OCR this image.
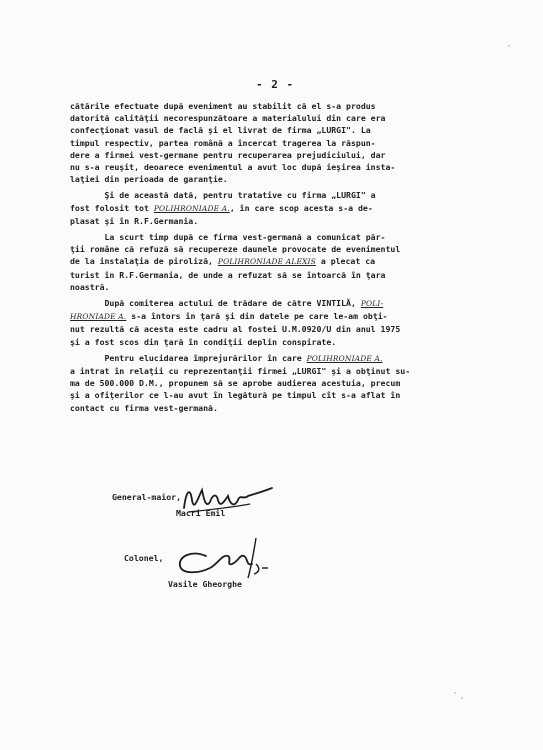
- 2 -
cătările efectuate după eveniment au stabilit că el s-a produs
datorită calităţii necorespunzătoare a materialului din care era
confecţionat vasul de faclă şi el livrat de firma „LURGI". La
timpul respectiv, partea română a încercat tragerea la răspun-
dere a firmei vest-germane pentru recuperarea prejudiciului, dar
nu s-a reuşit, deoarece evenimentul a avut loc după ieşirea insta-
laţiei din perioada de garanţie.
Şi de această dată, pentru tratative cu firma „LURGI" a
fost folosit tot POLIHRONIADE A., în care scop acesta s-a de-
plasat şi în R.F.Germania.
La scurt timp după ce firma vest-germană a comunicat păr-
ţii române că refuză să recupereze daunele provocate de evenimentul
de la instalaţia de piroliză, POLIHRONIADE ALEXIS a plecat ca
turist în R.F.Germania, de unde a refuzat să se întoarcă în ţara
noastră.
După comiterea actului de trădare de către VINTILĂ, POLI-
HRONIADE A. s-a întors în ţară şi din datele pe care le-am obţi-
nut rezultă că acesta este cadru al fostei U.M.0920/U din anul 1975
şi a fost scos din ţară în condiţii deplin conspirate.
Pentru elucidarea împrejurărilor în care POLIHRONIADE A.
a intrat în relaţii cu reprezentanţii firmei „LURGI" şi a obţinut su-
ma de 500.000 D.M., propunem să se aprobe audierea acestuia, precum
şi a ofiţerilor ce l-au avut în legătură pe timpul cît s-a aflat în
contact cu firma vest-germană.
General-maior,
Macri Emil
Colonel,
Vasile Gheorghe
